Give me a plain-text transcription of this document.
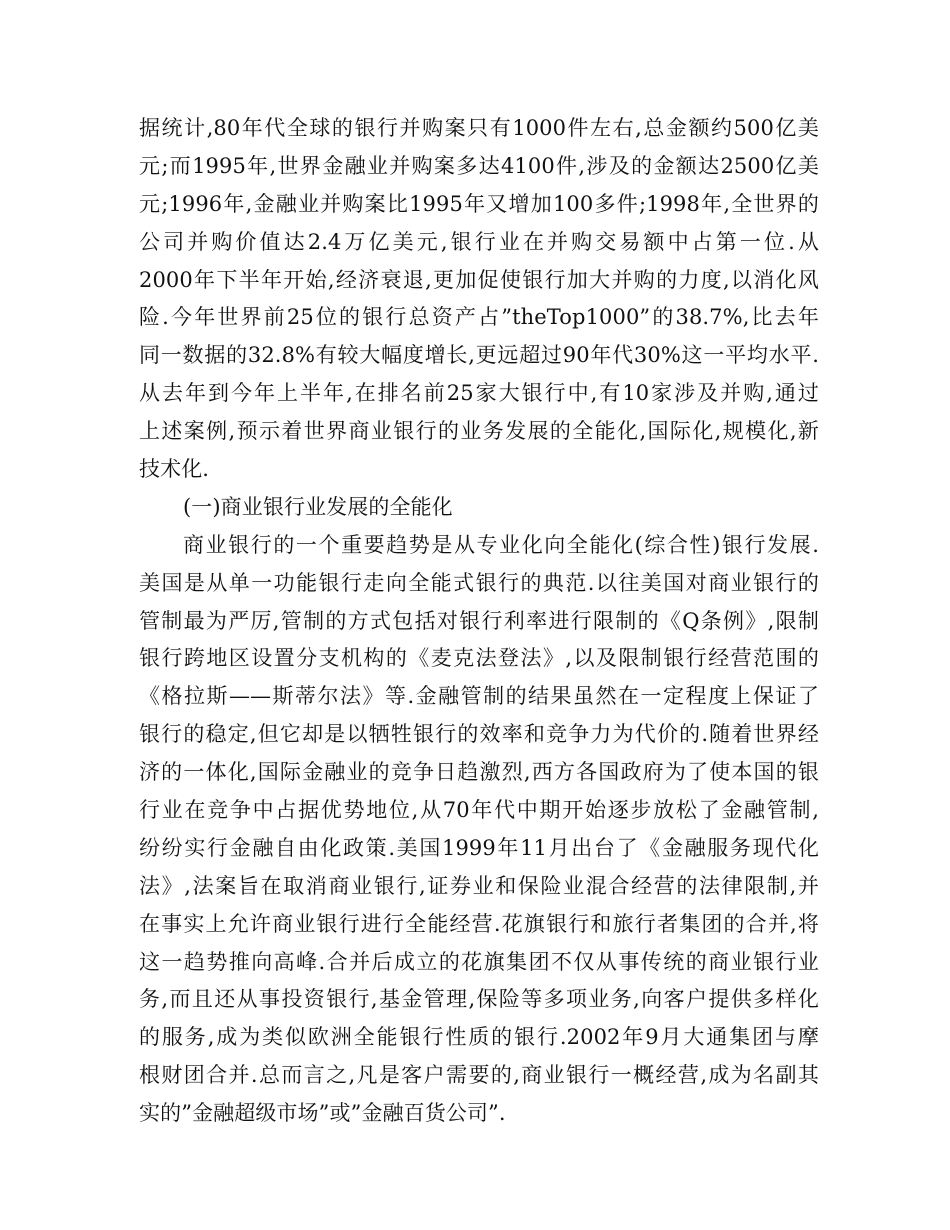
据统计,80年代全球的银行并购案只有1000件左右,总金额约500亿美
元;而1995年,世界金融业并购案多达4100件,涉及的金额达2500亿美
元;1996年,金融业并购案比1995年又增加100多件;1998年,全世界的
公司并购价值达2.4万亿美元,银行业在并购交易额中占第一位.从
2000年下半年开始,经济衰退,更加促使银行加大并购的力度,以消化风
险.今年世界前25位的银行总资产占”theTop1000”的38.7%,比去年
同一数据的32.8%有较大幅度增长,更远超过90年代30%这一平均水平.
从去年到今年上半年,在排名前25家大银行中,有10家涉及并购,通过
上述案例,预示着世界商业银行的业务发展的全能化,国际化,规模化,新
技术化.
(一)商业银行业发展的全能化
商业银行的一个重要趋势是从专业化向全能化(综合性)银行发展.
美国是从单一功能银行走向全能式银行的典范.以往美国对商业银行的
管制最为严厉,管制的方式包括对银行利率进行限制的《Q条例》,限制
银行跨地区设置分支机构的《麦克法登法》,以及限制银行经营范围的
《格拉斯——斯蒂尔法》等.金融管制的结果虽然在一定程度上保证了
银行的稳定,但它却是以牺牲银行的效率和竞争力为代价的.随着世界经
济的一体化,国际金融业的竞争日趋激烈,西方各国政府为了使本国的银
行业在竞争中占据优势地位,从70年代中期开始逐步放松了金融管制,
纷纷实行金融自由化政策.美国1999年11月出台了《金融服务现代化
法》,法案旨在取消商业银行,证券业和保险业混合经营的法律限制,并
在事实上允许商业银行进行全能经营.花旗银行和旅行者集团的合并,将
这一趋势推向高峰.合并后成立的花旗集团不仅从事传统的商业银行业
务,而且还从事投资银行,基金管理,保险等多项业务,向客户提供多样化
的服务,成为类似欧洲全能银行性质的银行.2002年9月大通集团与摩
根财团合并.总而言之,凡是客户需要的,商业银行一概经营,成为名副其
实的”金融超级市场”或”金融百货公司”.
